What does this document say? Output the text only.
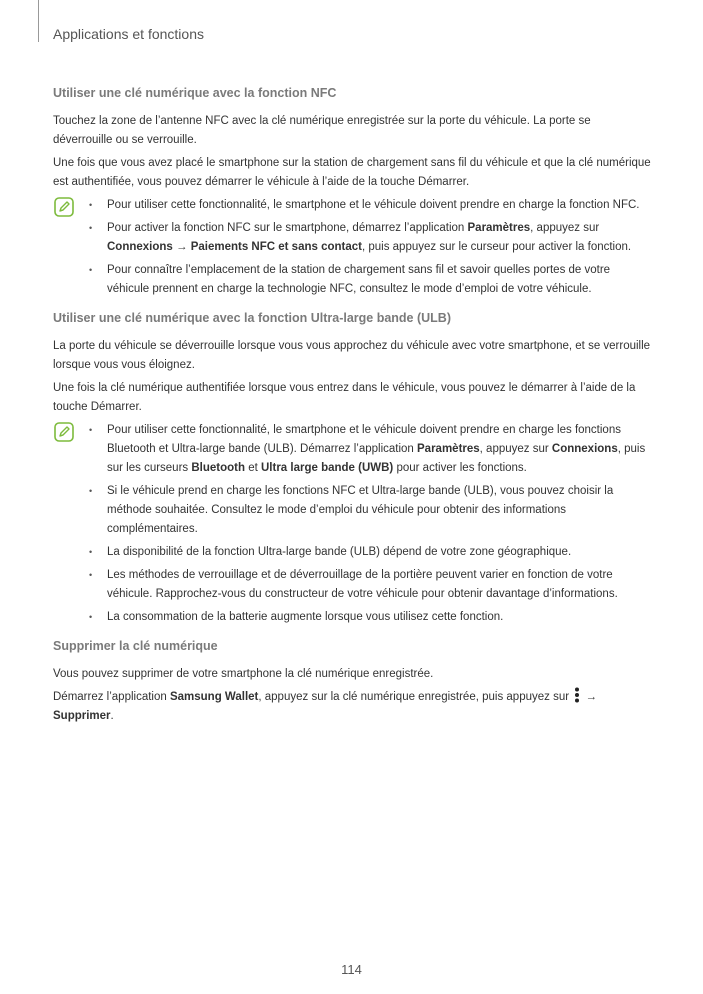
Applications et fonctions
Utiliser une clé numérique avec la fonction NFC

Touchez la zone de l’antenne NFC avec la clé numérique enregistrée sur la porte du véhicule. La porte se déverrouille ou se verrouille.

Une fois que vous avez placé le smartphone sur la station de chargement sans fil du véhicule et que la clé numérique est authentifiée, vous pouvez démarrer le véhicule à l’aide de la touche Démarrer.

• Pour utiliser cette fonctionnalité, le smartphone et le véhicule doivent prendre en charge la fonction NFC.
• Pour activer la fonction NFC sur le smartphone, démarrez l’application Paramètres, appuyez sur Connexions → Paiements NFC et sans contact, puis appuyez sur le curseur pour activer la fonction.
• Pour connaître l’emplacement de la station de chargement sans fil et savoir quelles portes de votre véhicule prennent en charge la technologie NFC, consultez le mode d’emploi de votre véhicule.
Utiliser une clé numérique avec la fonction Ultra-large bande (ULB)

La porte du véhicule se déverrouille lorsque vous vous approchez du véhicule avec votre smartphone, et se verrouille lorsque vous vous éloignez.

Une fois la clé numérique authentifiée lorsque vous entrez dans le véhicule, vous pouvez le démarrer à l’aide de la touche Démarrer.

• Pour utiliser cette fonctionnalité, le smartphone et le véhicule doivent prendre en charge les fonctions Bluetooth et Ultra-large bande (ULB). Démarrez l’application Paramètres, appuyez sur Connexions, puis sur les curseurs Bluetooth et Ultra large bande (UWB) pour activer les fonctions.
• Si le véhicule prend en charge les fonctions NFC et Ultra-large bande (ULB), vous pouvez choisir la méthode souhaitée. Consultez le mode d’emploi du véhicule pour obtenir des informations complémentaires.
• La disponibilité de la fonction Ultra-large bande (ULB) dépend de votre zone géographique.
• Les méthodes de verrouillage et de déverrouillage de la portière peuvent varier en fonction de votre véhicule. Rapprochez-vous du constructeur de votre véhicule pour obtenir davantage d’informations.
• La consommation de la batterie augmente lorsque vous utilisez cette fonction.
Supprimer la clé numérique

Vous pouvez supprimer de votre smartphone la clé numérique enregistrée.

Démarrez l’application Samsung Wallet, appuyez sur la clé numérique enregistrée, puis appuyez sur  → Supprimer.

114
